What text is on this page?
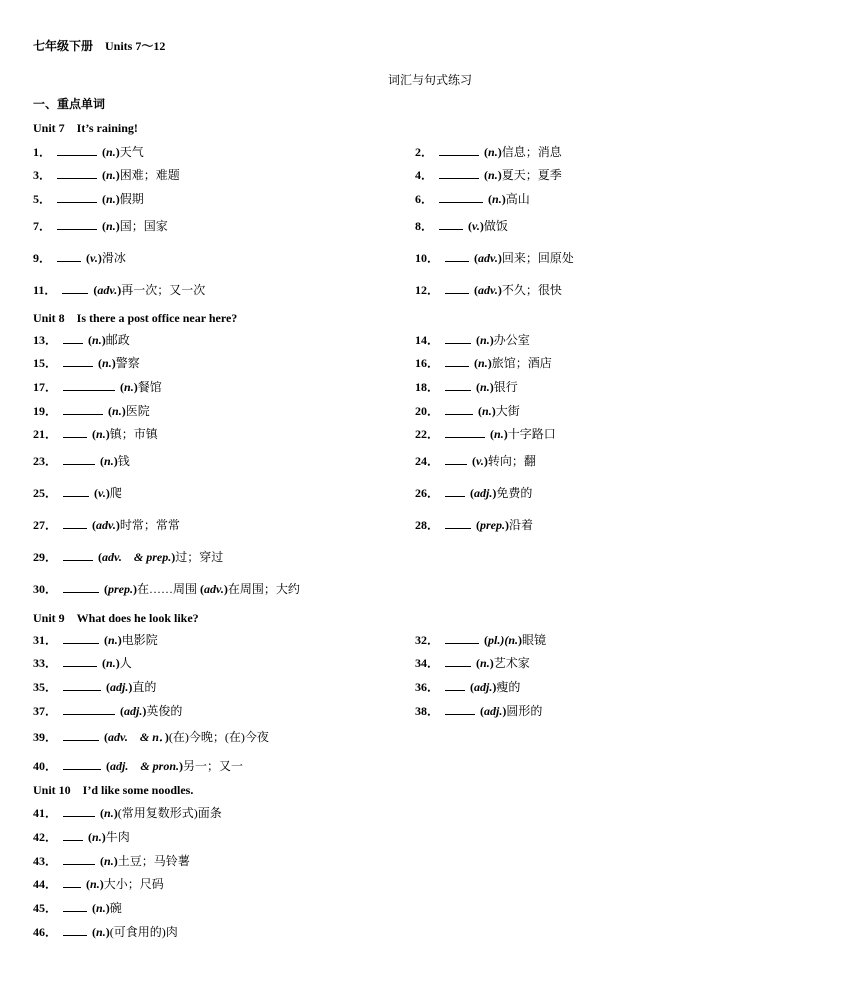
七年级下册　Units 7～12
词汇与句式练习
一、重点单词
Unit 7　It’s raining!
Unit 8　Is there a post office near here?
Unit 9　What does he look like?
Unit 10　I’d like some noodles.
1．	(n.)天气	2．	(n.)信息；消息
3．	(n.)困难；难题	4．	(n.)夏天；夏季
5．	(n.)假期	6．	(n.)高山
7．	(n.)国；国家	8．	(v.)做饭
9．	(v.)滑冰	10．	(adv.)回来；回原处
11．	(adv.)再一次；又一次	12．	(adv.)不久；很快
13． (n.)邮政	14．	(n.)办公室
15．	(n.)警察	16．	(n.)旅馆；酒店
17．	(n.)餐馆	18．	(n.)银行
19．	(n.)医院	20．	(n.)大街
21．	(n.)镇；市镇	22．	(n.)十字路口
23．	(n.)钱	24．	(v.)转向；翻
25．	(v.)爬	26． (adj.)免费的
27．	(adv.)时常；常常	28．	(prep.)沿着
29．	(adv.　& prep.)过；穿过
30．	(prep.)在……周围 (adv.)在周围；大约
31．	(n.)电影院	32．	(pl.)(n.)眼镜
33．	(n.)人	34．	(n.)艺术家
35．	(adj.)直的	36． (adj.)瘦的
37．	(adj.)英俊的	38．	(adj.)圆形的
39．	(adv.　& n．)(在)今晚；(在)今夜
40．	(adj.　& pron.)另一；又一
41．	(n.)(常用复数形式)面条
42． (n.)牛肉
43．	(n.)土豆；马铃薯
44． (n.)大小；尺码
45．	(n.)碗
46．	(n.)(可食用的)肉
